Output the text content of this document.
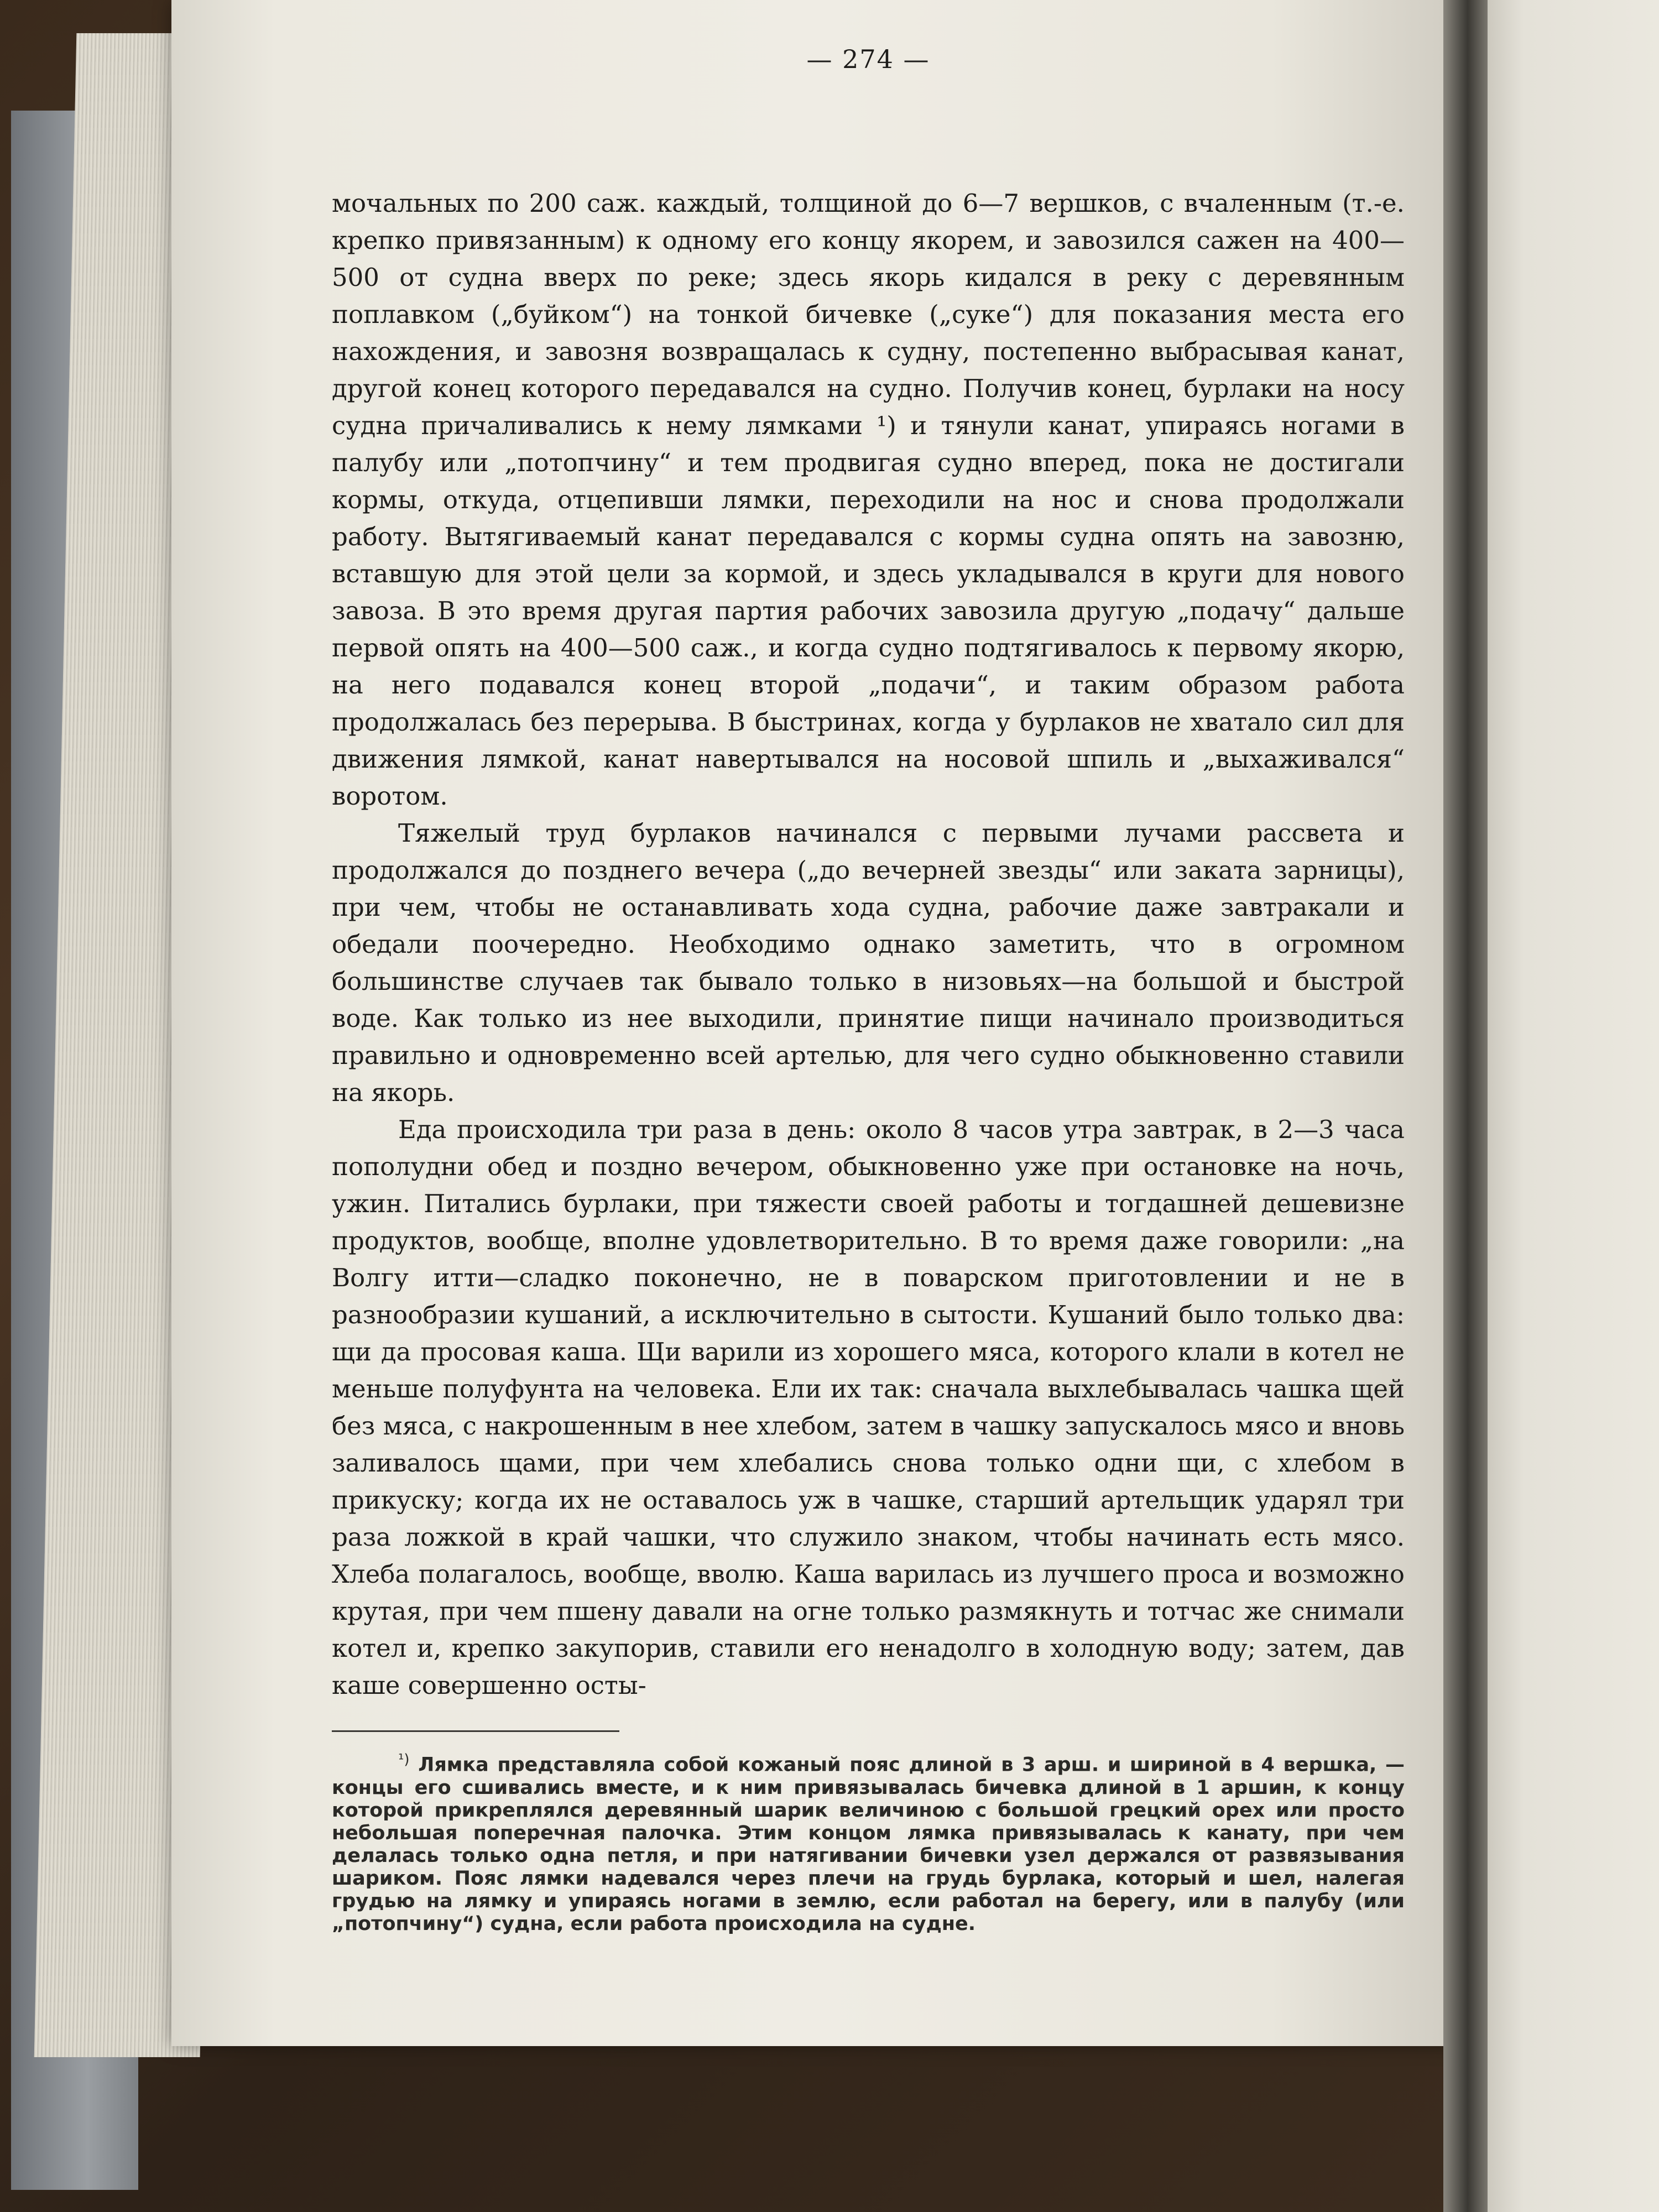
— 274 —

мочальных по 200 саж. каждый, толщиной до 6—7 вершков, с вчаленным (т.-е. крепко привязанным) к одному его концу якорем, и завозился сажен на 400—500 от судна вверх по реке; здесь якорь кидался в реку с деревянным поплавком („буйком“) на тонкой бичевке („суке“) для показания места его нахождения, и завозня возвращалась к судну, постепенно выбрасывая канат, другой конец которого передавался на судно. Получив конец, бурлаки на носу судна причаливались к нему лямками ¹) и тянули канат, упираясь ногами в палубу или „потопчину“ и тем продвигая судно вперед, пока не достигали кормы, откуда, отцепивши лямки, переходили на нос и снова продолжали работу. Вытягиваемый канат передавался с кормы судна опять на завозню, вставшую для этой цели за кормой, и здесь укладывался в круги для нового завоза. В это время другая партия рабочих завозила другую „подачу“ дальше первой опять на 400—500 саж., и когда судно подтягивалось к первому якорю, на него подавался конец второй „подачи“, и таким образом работа продолжалась без перерыва. В быстринах, когда у бурлаков не хватало сил для движения лямкой, канат навертывался на носовой шпиль и „выхаживался“ воротом.

Тяжелый труд бурлаков начинался с первыми лучами рассвета и продолжался до позднего вечера („до вечерней звезды“ или заката зарницы), при чем, чтобы не останавливать хода судна, рабочие даже завтракали и обедали поочередно. Необходимо однако заметить, что в огромном большинстве случаев так бывало только в низовьях—на большой и быстрой воде. Как только из нее выходили, принятие пищи начинало производиться правильно и одновременно всей артелью, для чего судно обыкновенно ставили на якорь.

Еда происходила три раза в день: около 8 часов утра завтрак, в 2—3 часа пополудни обед и поздно вечером, обыкновенно уже при остановке на ночь, ужин. Питались бурлаки, при тяжести своей работы и тогдашней дешевизне продуктов, вообще, вполне удовлетворительно. В то время даже говорили: „на Волгу итти—сладко поконечно, не в поварском приготовлении и не в разнообразии кушаний, а исключительно в сытости. Кушаний было только два: щи да просовая каша. Щи варили из хорошего мяса, которого клали в котел не меньше полуфунта на человека. Ели их так: сначала выхлебывалась чашка щей без мяса, с накрошенным в нее хлебом, затем в чашку запускалось мясо и вновь заливалось щами, при чем хлебались снова только одни щи, с хлебом в прикуску; когда их не оставалось уж в чашке, старший артельщик ударял три раза ложкой в край чашки, что служило знаком, чтобы начинать есть мясо. Хлеба полагалось, вообще, вволю. Каша варилась из лучшего проса и возможно крутая, при чем пшену давали на огне только размякнуть и тотчас же снимали котел и, крепко закупорив, ставили его ненадолго в холодную воду; затем, дав каше совершенно осты-

$^{^1)}$ Лямка представляла собой кожаный пояс длиной в 3 арш. и шириной в 4 вершка, — концы его сшивались вместе, и к ним привязывалась бичевка длиной в 1 аршин, к концу которой прикреплялся деревянный шарик величиною с большой грецкий орех или просто небольшая поперечная палочка. Этим концом лямка привязывалась к канату, при чем делалась только одна петля, и при натягивании бичевки узел держался от развязывания шариком. Пояс лямки надевался через плечи на грудь бурлака, который и шел, налегая грудью на лямку и упираясь ногами в землю, если работал на берегу, или в палубу (или „потопчину“) судна, если работа происходила на судне.
